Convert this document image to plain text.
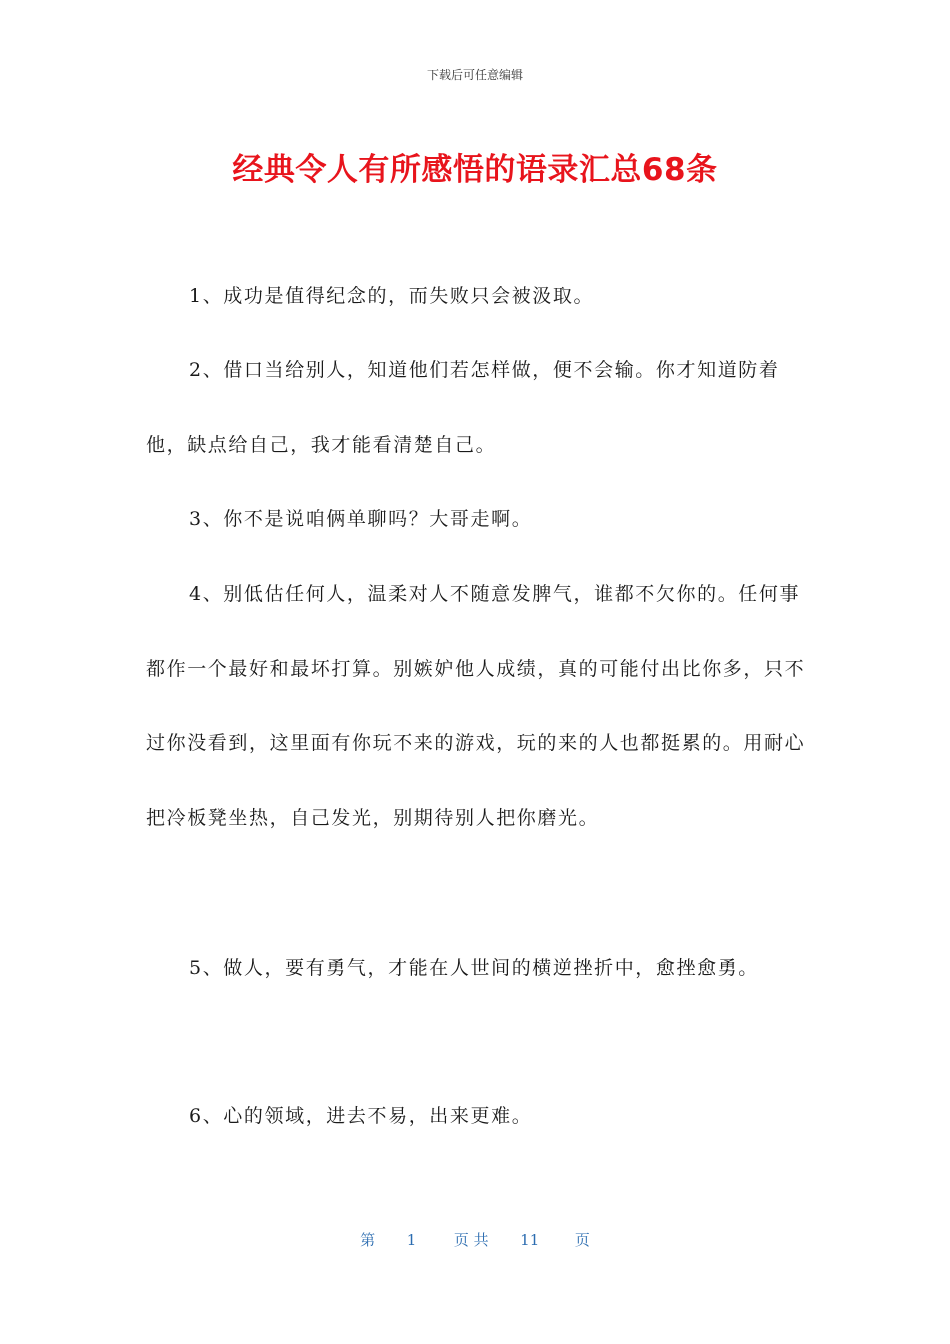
下载后可任意编辑
经典令人有所感悟的语录汇总68条

1、成功是值得纪念的，而失败只会被汲取。

2、借口当给别人，知道他们若怎样做，便不会输。你才知道防着他，缺点给自己，我才能看清楚自己。

3、你不是说咱俩单聊吗？大哥走啊。

4、别低估任何人，温柔对人不随意发脾气，谁都不欠你的。任何事都作一个最好和最坏打算。别嫉妒他人成绩，真的可能付出比你多，只不过你没看到，这里面有你玩不来的游戏，玩的来的人也都挺累的。用耐心把冷板凳坐热，自己发光，别期待别人把你磨光。

5、做人，要有勇气，才能在人世间的横逆挫折中，愈挫愈勇。

6、心的领域，进去不易，出来更难。

第 1	页 共 11 页
